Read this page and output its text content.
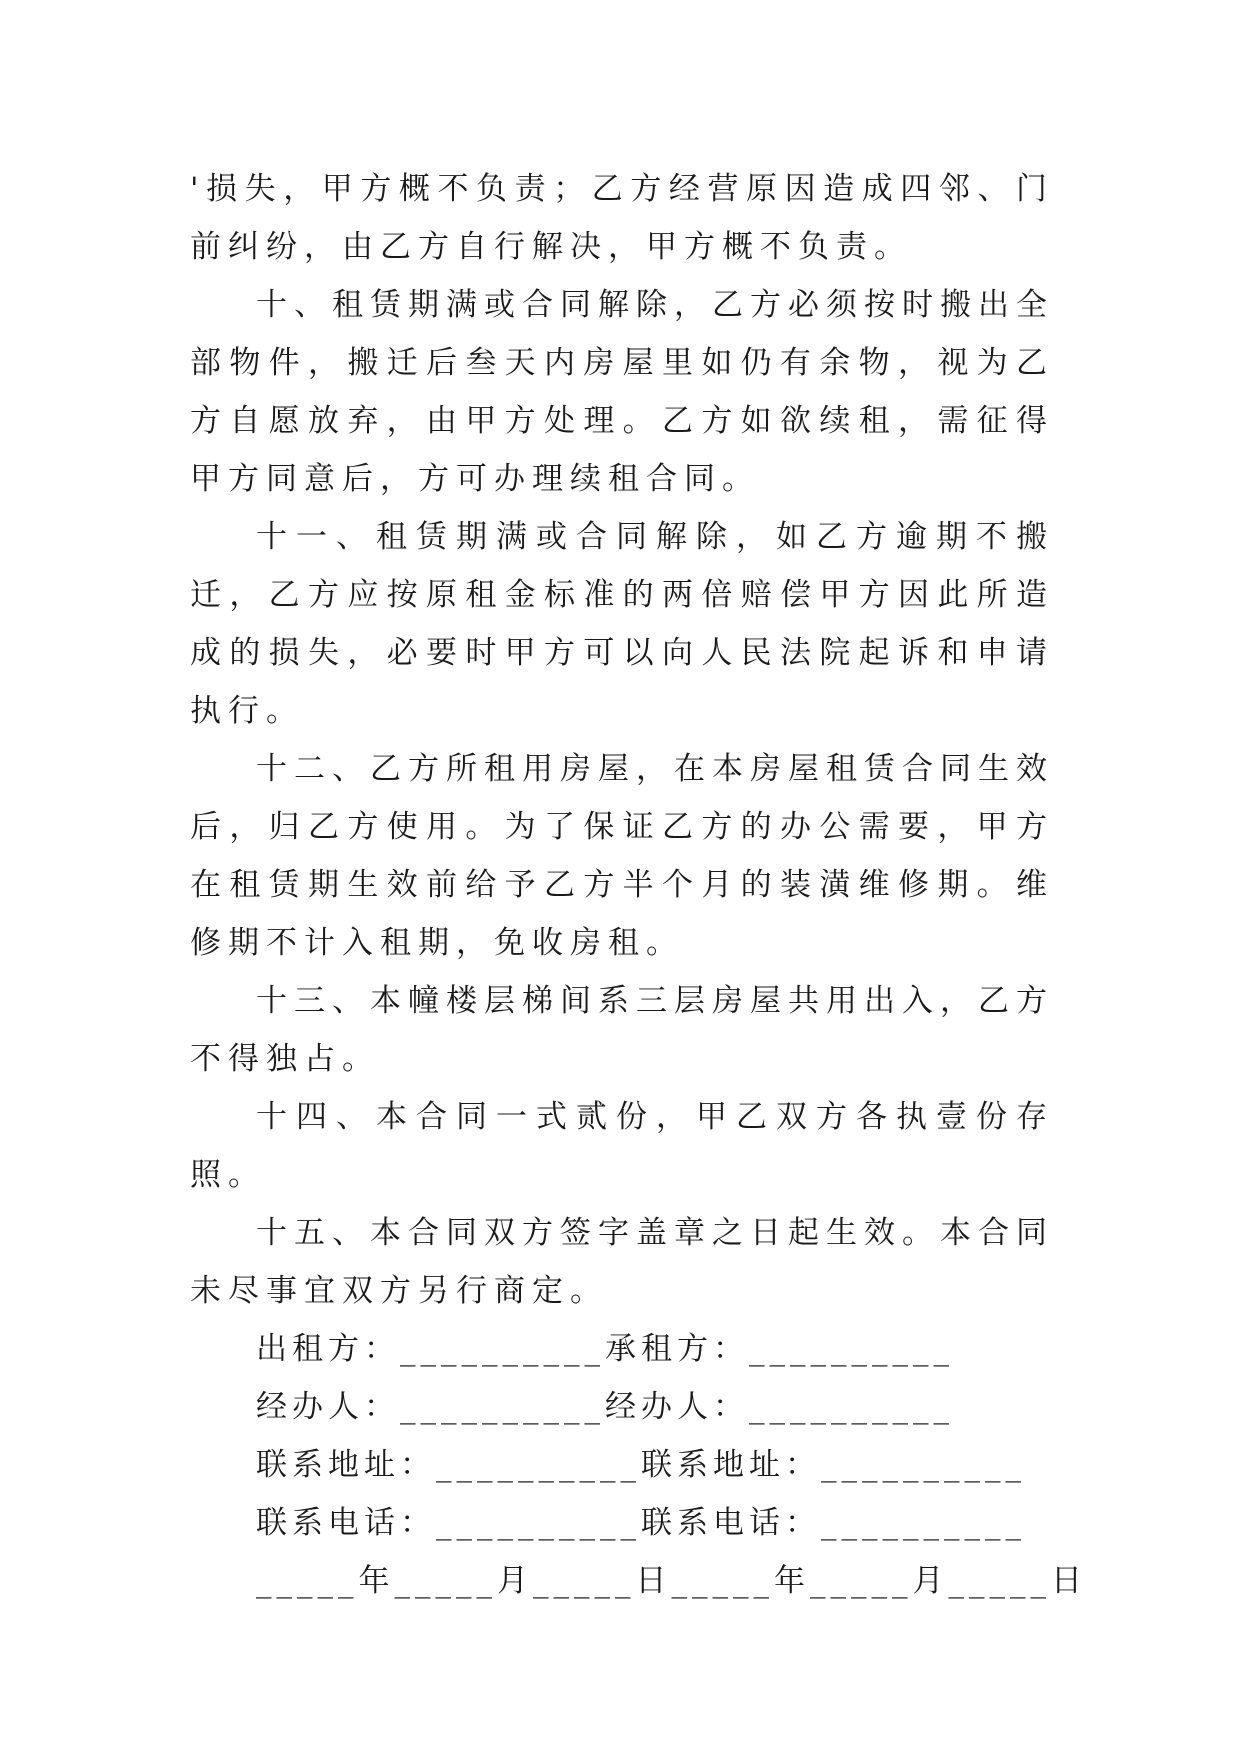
'损失，甲方概不负责；乙方经营原因造成四邻、门前纠纷，由乙方自行解决，甲方概不负责。

十、租赁期满或合同解除，乙方必须按时搬出全部物件，搬迁后叁天内房屋里如仍有余物，视为乙方自愿放弃，由甲方处理。乙方如欲续租，需征得甲方同意后，方可办理续租合同。

十一、租赁期满或合同解除，如乙方逾期不搬迁，乙方应按原租金标准的两倍赔偿甲方因此所造成的损失，必要时甲方可以向人民法院起诉和申请执行。

十二、乙方所租用房屋，在本房屋租赁合同生效后，归乙方使用。为了保证乙方的办公需要，甲方在租赁期生效前给予乙方半个月的装潢维修期。维修期不计入租期，免收房租。

十三、本幢楼层梯间系三层房屋共用出入，乙方不得独占。

十四、本合同一式贰份，甲乙双方各执壹份存照。

十五、本合同双方签字盖章之日起生效。本合同未尽事宜双方另行商定。

出租方：__________承租方：__________

经办人：__________经办人：__________

联系地址：__________联系地址：__________

联系电话：__________联系电话：__________

_____年_____月_____日_____年_____月_____日
